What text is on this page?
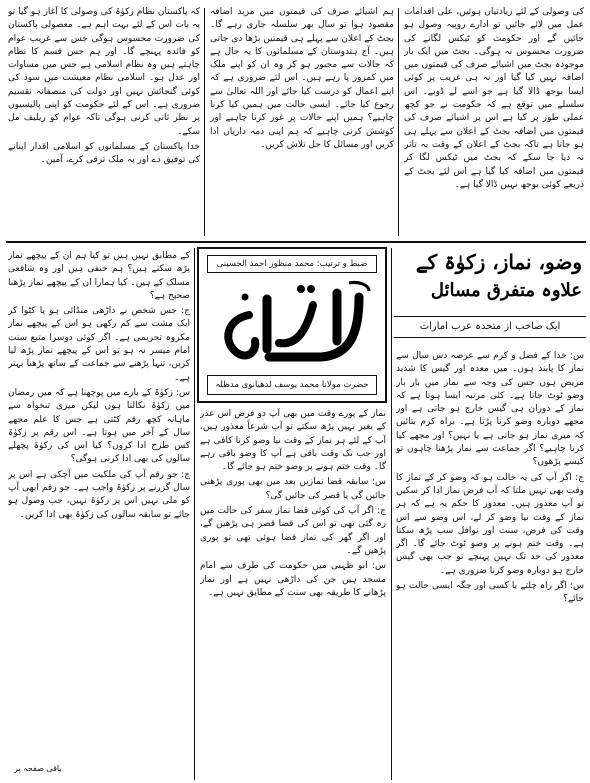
کی وصولی کے لئے زیادتیاں ہوئیں، علی اقدامات عمل میں لائے جائیں تو ادارے روپیہ وصول ہو جائیں گے اور حکومت کو ٹیکس لگانے کی ضرورت محسوس نہ ہوگی۔ بجٹ میں ایک بار موجودہ بجٹ میں اشیائے صرف کی قیمتوں میں اضافہ نہیں کیا گیا اور نہ ہی غریب پر کوئی ایسا بوجھ ڈالا گیا ہے جو اسے لے ڈوبے۔ اس سلسلے میں توقع ہے کہ حکومت نے جو کچھ عملی طور پر کیا ہے اس پر اشیائے صرف کی قیمتوں میں اضافہ بجٹ کے اعلان سے پہلے ہی ہو جاتا ہے تاکہ بجٹ کے اعلان کے وقت یہ تاثر نہ دیا جا سکے کہ بجٹ میں ٹیکس لگا کر قیمتوں میں اضافہ کیا گیا ہے اس لئے بجٹ کے ذریعے کوئی بوجھ نہیں ڈالا گیا ہے۔

ہم اشیائے صرف کی قیمتوں میں مزید اضافہ مقصود ہوا تو سال بھر سلسلہ جاری رہے گا۔ بجٹ کے اعلان سے پہلے ہی قیمتیں بڑھا دی جاتی ہیں۔ آج ہندوستان کے مسلمانوں کا یہ حال ہے کہ حالات سے مجبور ہو کر وہ ان کو اپنے ملک میں کمزور پا رہے ہیں۔ اس لئے ضروری ہے کہ اپنے اعمال کو درست کیا جائے اور اللہ تعالیٰ سے رجوع کیا جائے۔ ایسی حالت میں ہمیں کیا کرنا چاہیے؟ ہمیں اپنے حالات پر غور کرنا چاہیے اور کوشش کرنی چاہیے کہ ہم اپنی ذمہ داریاں ادا کریں اور مسائل کا حل تلاش کریں۔

کہ پاکستان نظام زکوٰۃ کی وصولی کا آغاز ہو گیا تو یہ بات اس کے لئے بہت اہم ہے۔ معصولی پاکستان کی ضرورت محسوس ہوگی جس سے غریب عوام کو فائدہ پہنچے گا۔ اور ہم جس قسم کا نظام چاہتے ہیں وہ نظام اسلامی ہے جس میں مساوات اور عدل ہو۔ اسلامی نظام معیشت میں سود کی کوئی گنجائش نہیں اور دولت کی منصفانہ تقسیم ضروری ہے۔ اس کے لئے حکومت کو اپنی پالیسیوں پر نظر ثانی کرنی ہوگی تاکہ عوام کو ریلیف مل سکے۔

خدا پاکستان کے مسلمانوں کو اسلامی اقدار اپنانے کی توفیق دے اور یہ ملک ترقی کرے، آمین۔

وضو، نماز، زکوٰۃ کے
علاوہ متفرق مسائل
ایک صاحب از متحدہ عرب امارات
ضبط و ترتیب: محمد منظور احمد الحسینی
آپ کے مسائل
حضرت مولانا محمد یوسف لدھیانوی مدظلہ

س: خدا کے فضل و کرم سے عرصہ دس سال سے نماز کا پابند ہوں۔ میں معدہ اور گیس کا شدید مریض ہوں جس کی وجہ سے نماز میں بار بار وضو ٹوٹ جاتا ہے۔ کئی مرتبہ ایسا ہوتا ہے کہ نماز کے دوران ہی گیس خارج ہو جاتی ہے اور مجھے دوبارہ وضو کرنا پڑتا ہے۔ براہ کرم بتائیں کہ میری نماز ہو جاتی ہے یا نہیں؟ اور مجھے کیا کرنا چاہیے؟ اگر جماعت سے نماز پڑھنا چاہوں تو کیسے پڑھوں؟

ج: اگر آپ کی یہ حالت ہو کہ وضو کر کے نماز کا وقت بھی نہیں ملتا کہ آپ فرض نماز ادا کر سکیں تو آپ معذور ہیں۔ معذور کا حکم یہ ہے کہ ہر نماز کے وقت نیا وضو کر لے، اس وضو سے اس وقت کی فرض، سنت اور نوافل سب پڑھ سکتا ہے۔ وقت ختم ہونے پر وضو ٹوٹ جائے گا۔ اگر معذور کی حد تک نہیں پہنچے تو جب بھی گیس خارج ہو دوبارہ وضو کرنا ضروری ہے۔

س: اگر راہ چلتے یا کسی اور جگہ ایسی حالت ہو جائے؟

نماز کے پورے وقت میں بھی آپ دو فرض اس عذر کے بغیر نہیں پڑھ سکتے تو آپ شرعاً معذور ہیں، آپ کے لئے ہر نماز کے وقت نیا وضو کرنا کافی ہے اور جب تک وقت باقی ہے آپ کا وضو باقی رہے گا۔ وقت ختم ہونے پر وضو ختم ہو جائے گا۔

س: سابقہ قضا نمازیں بعد میں بھی پوری پڑھنی جائیں گی یا قصر کی جائیں گی؟

ج: اگر آپ کی کوئی قضا نماز سفر کی حالت میں رہ گئی تھی تو اس کی قضا قصر ہی پڑھیں گے، اور اگر گھر کی نماز قضا ہوئی تھی تو پوری پڑھیں گے۔

س: ابو ظہبی میں حکومت کی طرف سے امام مسجد ہیں جن کی داڑھی نہیں ہے اور نماز پڑھانے کا طریقہ بھی سنت کے مطابق نہیں ہے۔

کے مطابق نہیں ہیں تو کیا ہم ان کے پیچھے نماز پڑھ سکتے ہیں؟ ہم حنفی ہیں اور وہ شافعی مسلک کے ہیں۔ کیا ہمارا ان کے پیچھے نماز پڑھنا صحیح ہے؟

ج: جس شخص نے داڑھی منڈائی ہو یا کٹوا کر ایک مشت سے کم رکھی ہو اس کے پیچھے نماز مکروہ تحریمی ہے۔ اگر کوئی دوسرا متبع سنت امام میسر نہ ہو تو اس کے پیچھے نماز پڑھ لیا کریں، تنہا پڑھنے سے جماعت کے ساتھ پڑھنا بہتر ہے۔

س: زکوٰۃ کے بارے میں پوچھنا ہے کہ میں رمضان میں زکوٰۃ نکالتا ہوں لیکن میری تنخواہ سے ماہانہ کچھ رقم کٹتی ہے جس کا علم مجھے سال کے آخر میں ہوتا ہے۔ اس رقم پر زکوٰۃ کس طرح ادا کروں؟ کیا اس کی زکوٰۃ پچھلے سالوں کی بھی ادا کرنی ہوگی؟

ج: جو رقم آپ کی ملکیت میں آچکی ہے اس پر سال گزرنے پر زکوٰۃ واجب ہے۔ جو رقم ابھی آپ کو ملی نہیں اس پر زکوٰۃ نہیں، جب وصول ہو جائے تو سابقہ سالوں کی زکوٰۃ بھی ادا کریں۔

باقی صفحہ پر
